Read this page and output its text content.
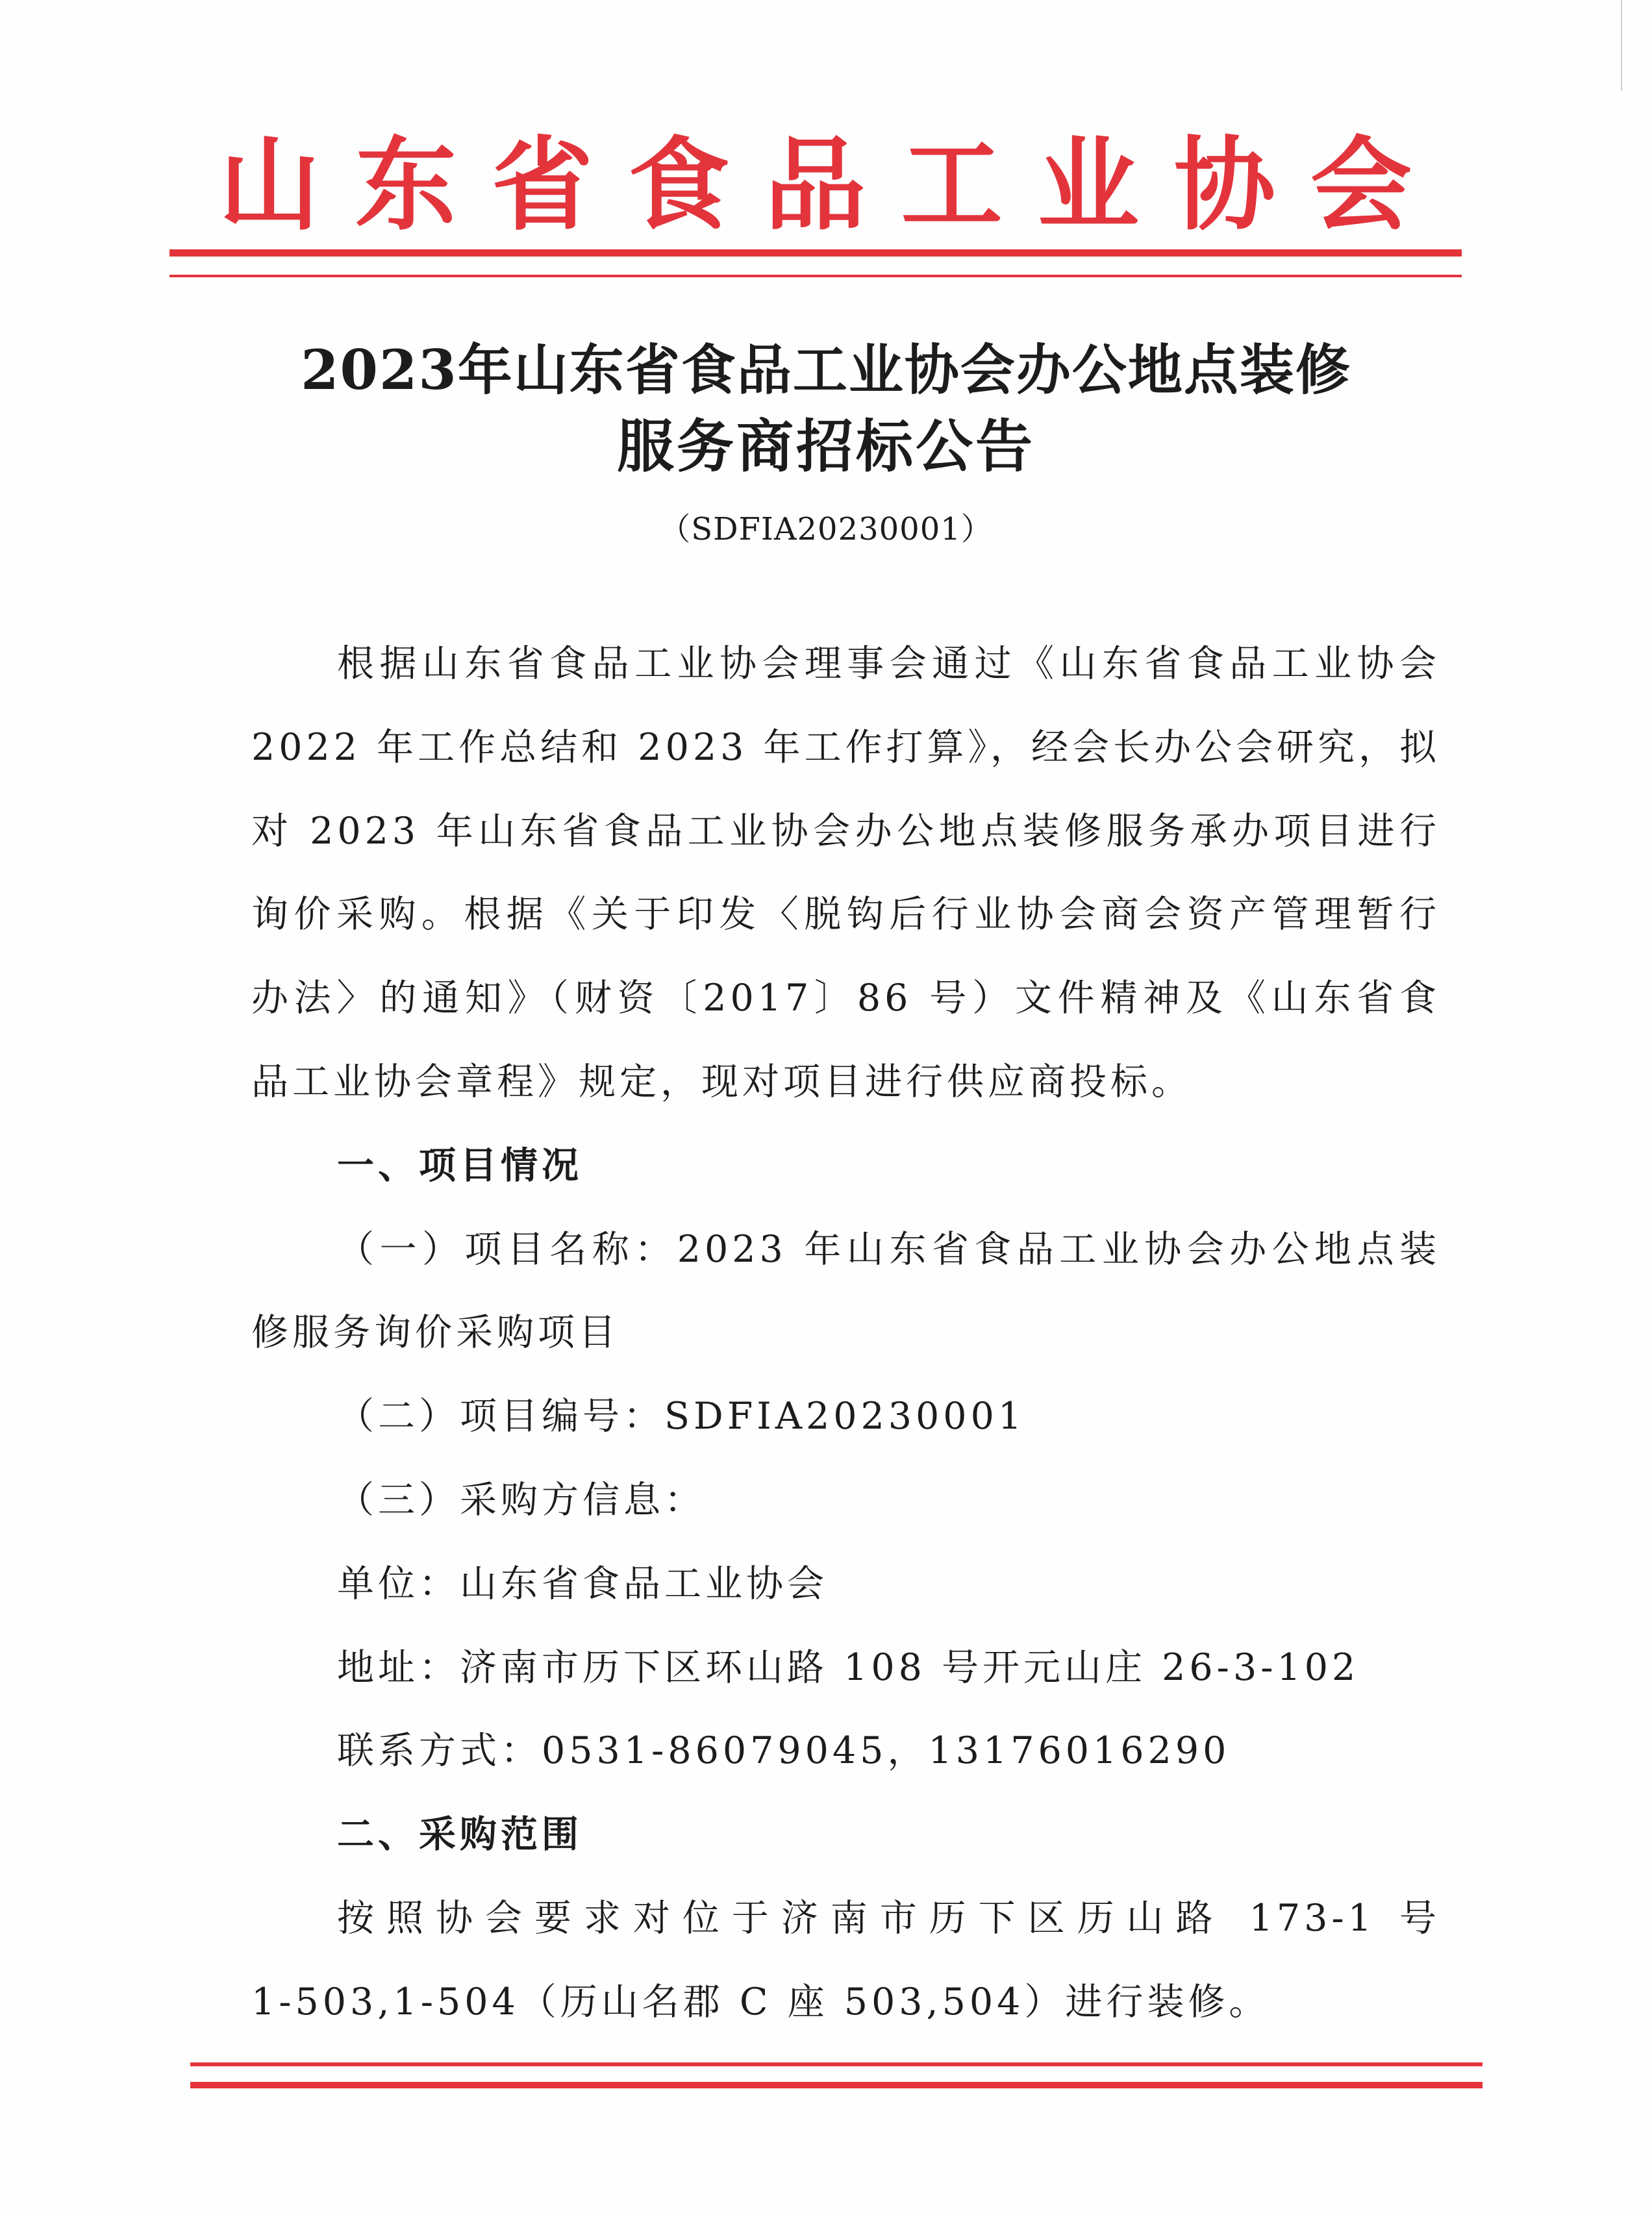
山东省食品工业协会
2023年山东省食品工业协会办公地点装修
服务商招标公告
（SDFIA20230001）
根据山东省食品工业协会理事会通过《山东省食品工业协会
2022 年工作总结和 2023 年工作打算》，经会长办公会研究，拟
对 2023 年山东省食品工业协会办公地点装修服务承办项目进行
询价采购。根据《关于印发〈脱钩后行业协会商会资产管理暂行
办法〉的通知》（财资〔2017〕86 号）文件精神及《山东省食
品工业协会章程》规定，现对项目进行供应商投标。
一、项目情况
（一）项目名称：2023 年山东省食品工业协会办公地点装
修服务询价采购项目
（二）项目编号：SDFIA20230001
（三）采购方信息：
单位：山东省食品工业协会
地址：济南市历下区环山路 108 号开元山庄 26-3-102
联系方式：0531-86079045，13176016290
二、采购范围
按照协会要求对位于济南市历下区历山路 173-1 号
1-503,1-504（历山名郡 C 座 503,504）进行装修。
